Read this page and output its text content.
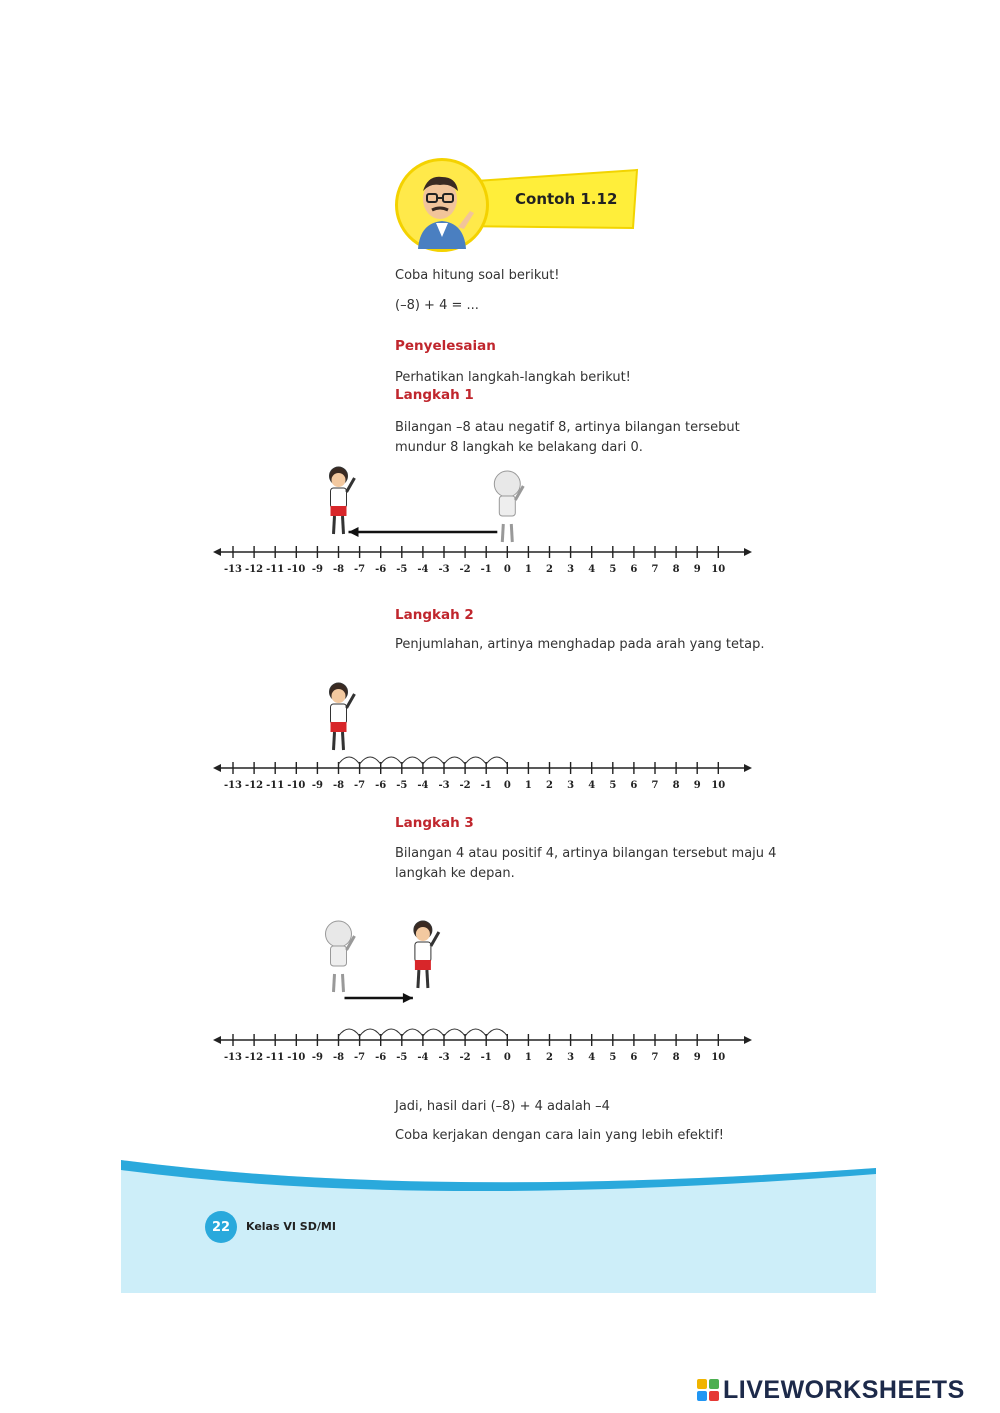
Contoh 1.12
Coba hitung soal berikut!
(–8) + 4 = ...
Penyelesaian
Perhatikan langkah-langkah berikut!
Langkah 1
Bilangan –8 atau negatif 8, artinya bilangan tersebut
mundur 8 langkah ke belakang dari 0.
-13 -12 -11 -10 -9 -8 -7 -6 -5 -4 -3 -2 -1 0 1 2 3 4 5 6 7 8 9 10
Langkah 2
Penjumlahan, artinya menghadap pada arah yang tetap.
-13 -12 -11 -10 -9 -8 -7 -6 -5 -4 -3 -2 -1 0 1 2 3 4 5 6 7 8 9 10
Langkah 3
Bilangan 4 atau positif 4, artinya bilangan tersebut maju 4
langkah ke depan.
-13 -12 -11 -10 -9 -8 -7 -6 -5 -4 -3 -2 -1 0 1 2 3 4 5 6 7 8 9 10
Jadi, hasil dari (–8) + 4 adalah –4
Coba kerjakan dengan cara lain yang lebih efektif!
22	Kelas VI SD/MI
LIVEWORKSHEETS
